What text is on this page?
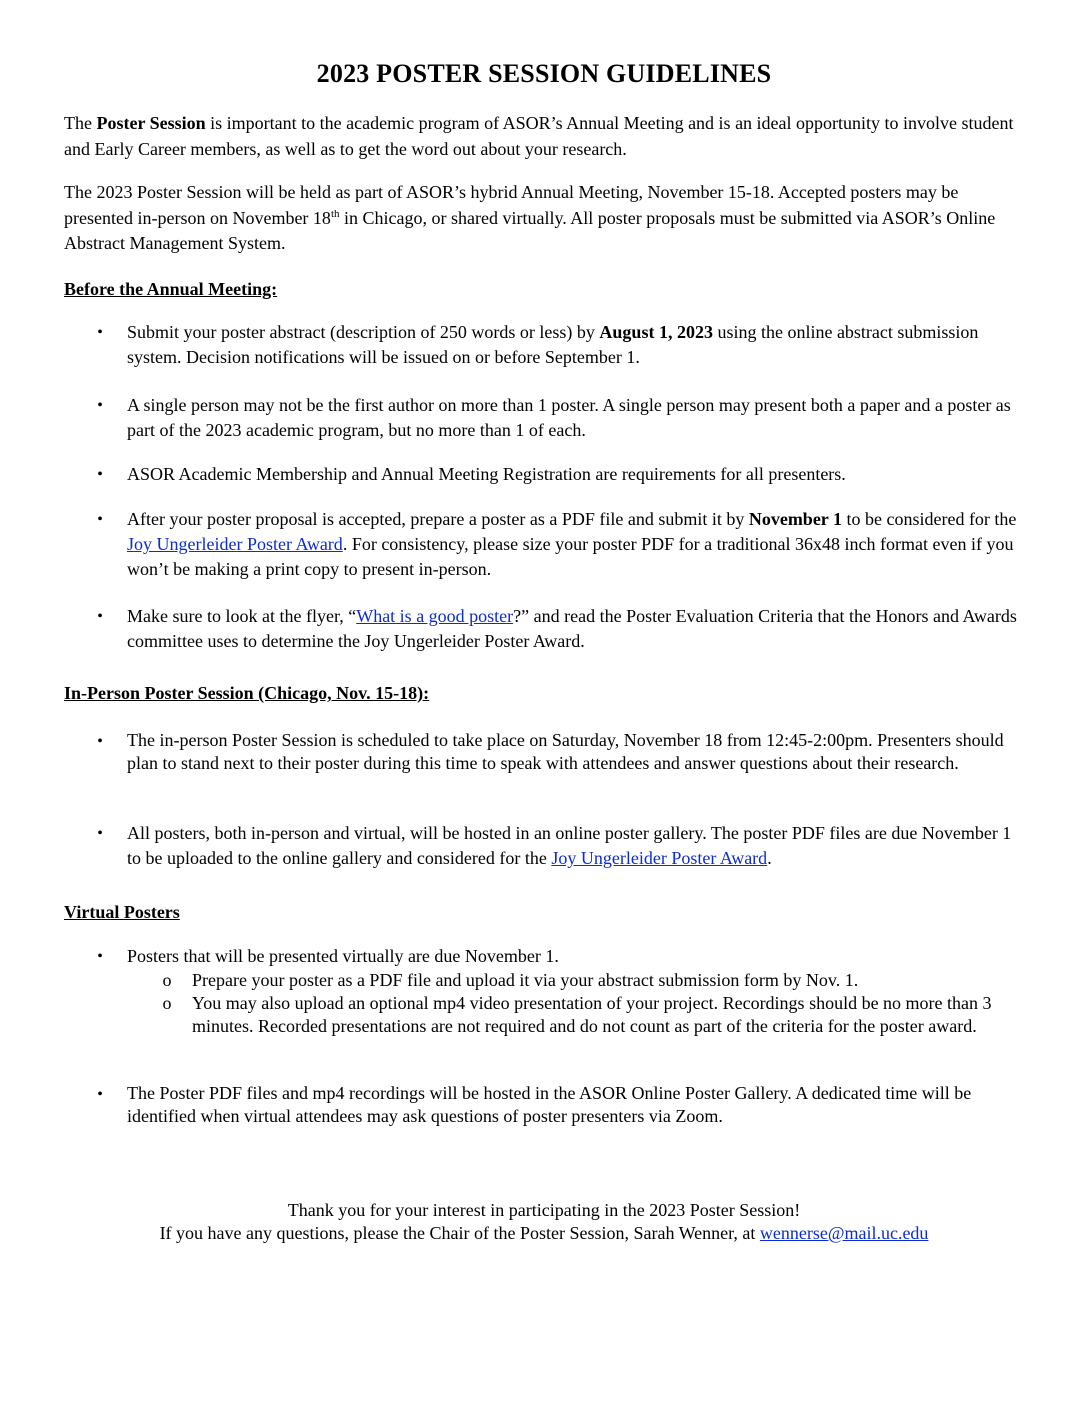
2023 POSTER SESSION GUIDELINES

The Poster Session is important to the academic program of ASOR’s Annual Meeting and is an ideal opportunity to involve student and Early Career members, as well as to get the word out about your research.

The 2023 Poster Session will be held as part of ASOR’s hybrid Annual Meeting, November 15-18. Accepted posters may be presented in-person on November 18th in Chicago, or shared virtually. All poster proposals must be submitted via ASOR’s Online Abstract Management System.

Before the Annual Meeting:
• Submit your poster abstract (description of 250 words or less) by August 1, 2023 using the online abstract submission system. Decision notifications will be issued on or before September 1.

• A single person may not be the first author on more than 1 poster. A single person may present both a paper and a poster as part of the 2023 academic program, but no more than 1 of each.

• ASOR Academic Membership and Annual Meeting Registration are requirements for all presenters.

• After your poster proposal is accepted, prepare a poster as a PDF file and submit it by November 1 to be considered for the Joy Ungerleider Poster Award. For consistency, please size your poster PDF for a traditional 36x48 inch format even if you won’t be making a print copy to present in-person.

• Make sure to look at the flyer, “What is a good poster?” and read the Poster Evaluation Criteria that the Honors and Awards committee uses to determine the Joy Ungerleider Poster Award.

In-Person Poster Session (Chicago, Nov. 15-18):
• The in-person Poster Session is scheduled to take place on Saturday, November 18 from 12:45-2:00pm. Presenters should plan to stand next to their poster during this time to speak with attendees and answer questions about their research.

• All posters, both in-person and virtual, will be hosted in an online poster gallery. The poster PDF files are due November 1 to be uploaded to the online gallery and considered for the Joy Ungerleider Poster Award.

Virtual Posters
• Posters that will be presented virtually are due November 1.

o Prepare your poster as a PDF file and upload it via your abstract submission form by Nov. 1.

o You may also upload an optional mp4 video presentation of your project. Recordings should be no more than 3 minutes. Recorded presentations are not required and do not count as part of the criteria for the poster award.

• The Poster PDF files and mp4 recordings will be hosted in the ASOR Online Poster Gallery. A dedicated time will be identified when virtual attendees may ask questions of poster presenters via Zoom.

Thank you for your interest in participating in the 2023 Poster Session!

If you have any questions, please the Chair of the Poster Session, Sarah Wenner, at wennerse@mail.uc.edu
